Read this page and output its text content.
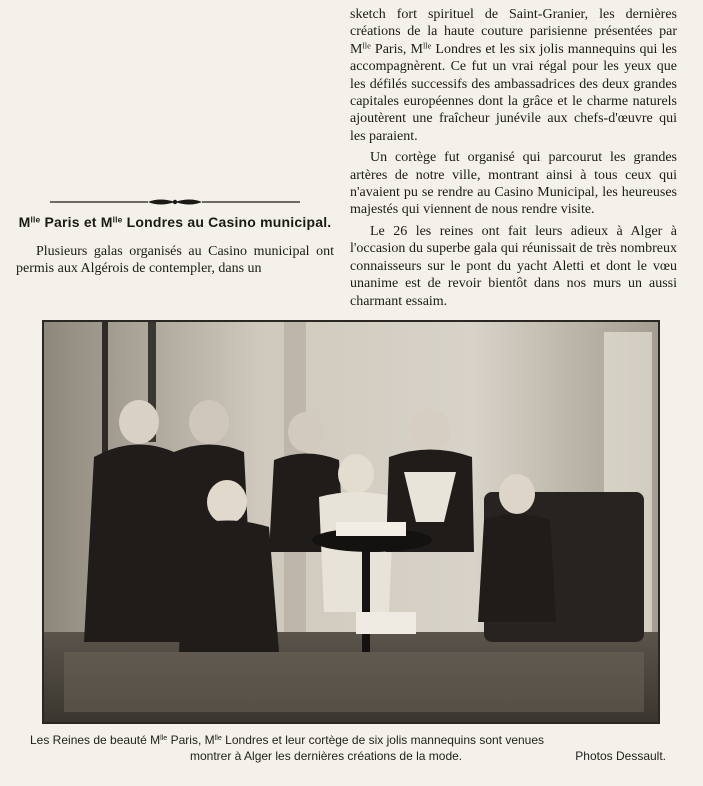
$M^{lle}$ Paris et $M^{lle}$ Londres au Casino municipal.

Plusieurs galas organisés au Casino municipal ont permis aux Algérois de contempler, dans un

sketch fort spirituel de Saint-Granier, les dernières créations de la haute couture parisienne présentées par $M^{lle}$ Paris, $M^{lle}$ Londres et les six jolis mannequins qui les accompagnèrent. Ce fut un vrai régal pour les yeux que les défilés successifs des ambassadrices des deux grandes capitales européennes dont la grâce et le charme naturels ajoutèrent une fraîcheur junévile aux chefs-d'œuvre qui les paraient.

Un cortège fut organisé qui parcourut les grandes artères de notre ville, montrant ainsi à tous ceux qui n'avaient pu se rendre au Casino Municipal, les heureuses majestés qui viennent de nous rendre visite.

Le 26 les reines ont fait leurs adieux à Alger à l'occasion du superbe gala qui réunissait de très nombreux connaisseurs sur le pont du yacht Aletti et dont le vœu unanime est de revoir bientôt dans nos murs un aussi charmant essaim.

Les Reines de beauté $M^{lle}$ Paris, $M^{lle}$ Londres et leur cortège de six jolis mannequins sont venues
montrer à Alger les dernières créations de la mode.	Photos Dessault.
